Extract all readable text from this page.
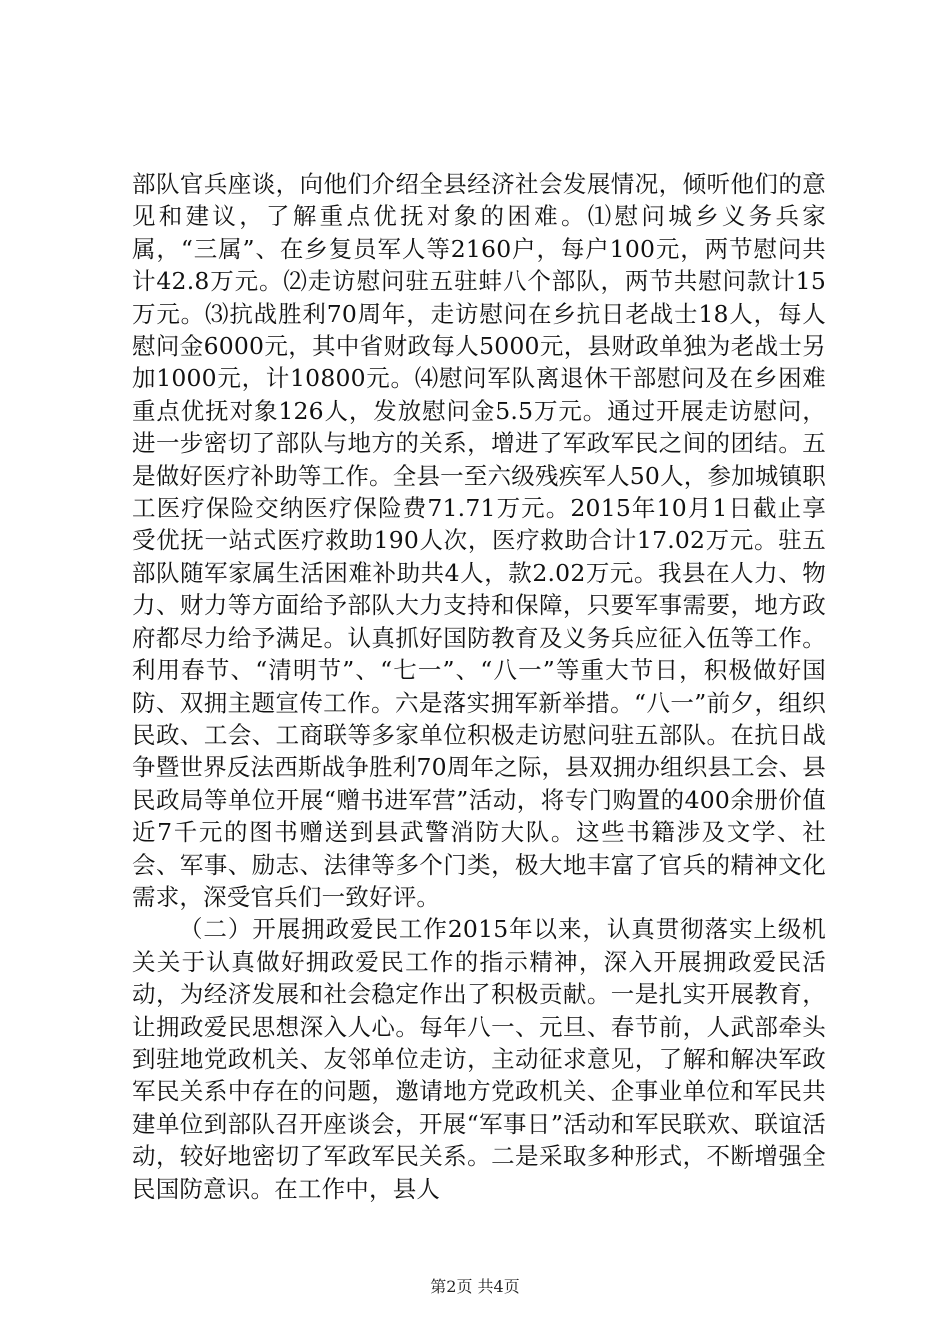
部队官兵座谈，向他们介绍全县经济社会发展情况，倾听他们的意见和建议，了解重点优抚对象的困难。⑴慰问城乡义务兵家属，“三属”、在乡复员军人等2160户，每户100元，两节慰问共计42.8万元。⑵走访慰问驻五驻蚌八个部队，两节共慰问款计15万元。⑶抗战胜利70周年，走访慰问在乡抗日老战士18人，每人慰问金6000元，其中省财政每人5000元，县财政单独为老战士另加1000元，计10800元。⑷慰问军队离退休干部慰问及在乡困难重点优抚对象126人，发放慰问金5.5万元。通过开展走访慰问，进一步密切了部队与地方的关系，增进了军政军民之间的团结。五是做好医疗补助等工作。全县一至六级残疾军人50人，参加城镇职工医疗保险交纳医疗保险费71.71万元。2015年10月1日截止享受优抚一站式医疗救助190人次，医疗救助合计17.02万元。驻五部队随军家属生活困难补助共4人，款2.02万元。我县在人力、物力、财力等方面给予部队大力支持和保障，只要军事需要，地方政府都尽力给予满足。认真抓好国防教育及义务兵应征入伍等工作。利用春节、“清明节”、“七一”、“八一”等重大节日，积极做好国防、双拥主题宣传工作。六是落实拥军新举措。“八一”前夕，组织民政、工会、工商联等多家单位积极走访慰问驻五部队。在抗日战争暨世界反法西斯战争胜利70周年之际，县双拥办组织县工会、县民政局等单位开展“赠书进军营”活动，将专门购置的400余册价值近7千元的图书赠送到县武警消防大队。这些书籍涉及文学、社会、军事、励志、法律等多个门类，极大地丰富了官兵的精神文化需求，深受官兵们一致好评。

（二）开展拥政爱民工作2015年以来，认真贯彻落实上级机关关于认真做好拥政爱民工作的指示精神，深入开展拥政爱民活动，为经济发展和社会稳定作出了积极贡献。一是扎实开展教育，让拥政爱民思想深入人心。每年八一、元旦、春节前，人武部牵头到驻地党政机关、友邻单位走访，主动征求意见，了解和解决军政军民关系中存在的问题，邀请地方党政机关、企事业单位和军民共建单位到部队召开座谈会，开展“军事日”活动和军民联欢、联谊活动，较好地密切了军政军民关系。二是采取多种形式，不断增强全民国防意识。在工作中，县人

第2页 共4页
